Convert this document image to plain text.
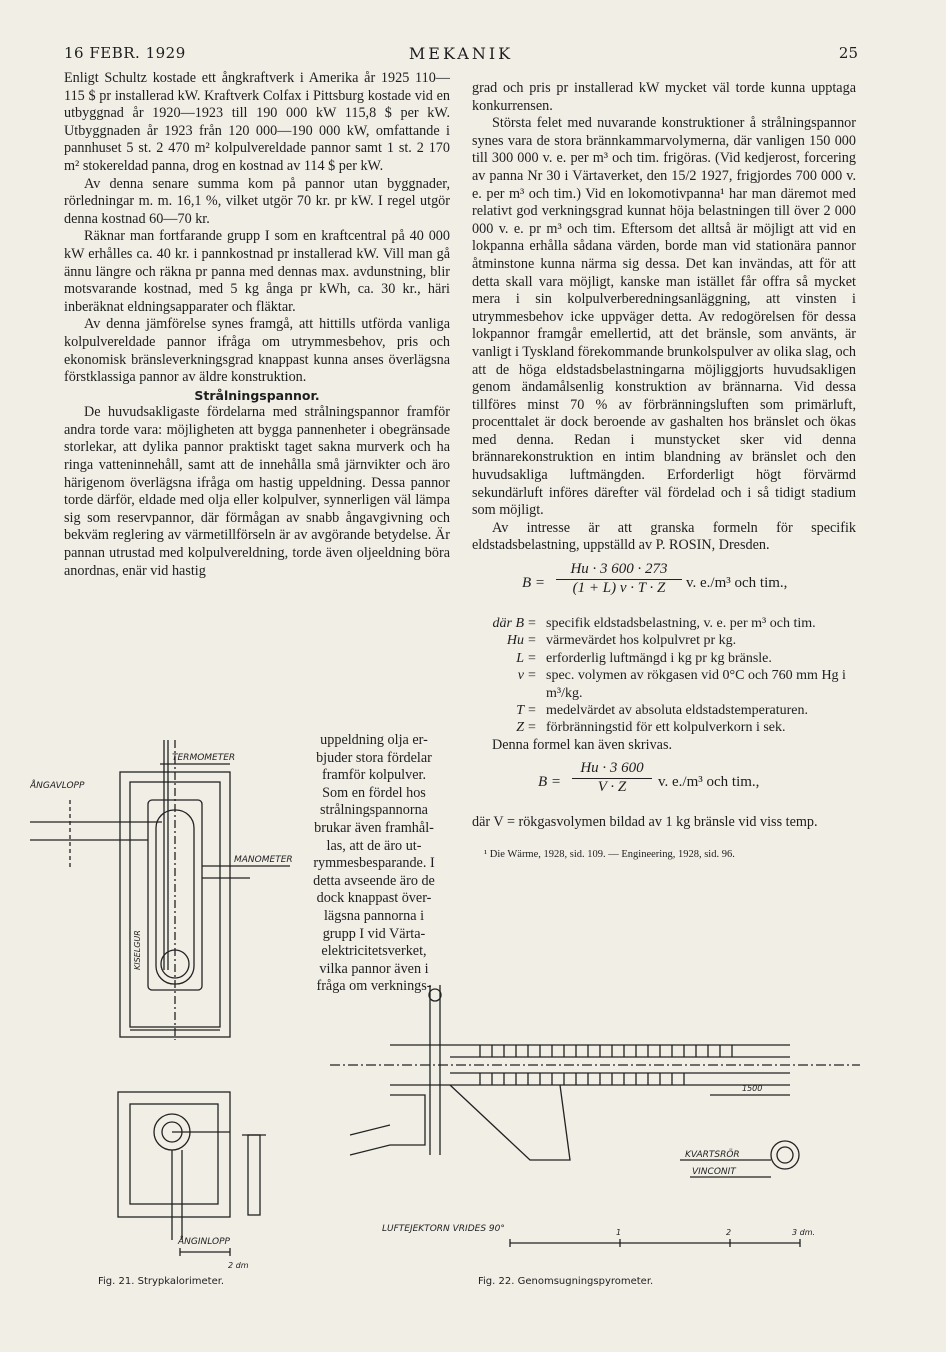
16 FEBR. 1929	MEKANIK	25

Enligt Schultz kostade ett ångkraftverk i Amerika år 1925 110—115 $ pr installerad kW. Kraftverk Colfax i Pittsburg kostade vid en utbyggnad år 1920—1923 till 190 000 kW 115,8 $ per kW. Utbyggnaden år 1923 från 120 000—190 000 kW, omfattande i pannhuset 5 st. 2 470 m² kolpulvereldade pannor samt 1 st. 2 170 m² stokereldad panna, drog en kostnad av 114 $ per kW.

Av denna senare summa kom på pannor utan byggnader, rörledningar m. m. 16,1 %, vilket utgör 70 kr. pr kW. I regel utgör denna kostnad 60—70 kr.

Räknar man fortfarande grupp I som en kraftcentral på 40 000 kW erhålles ca. 40 kr. i pannkostnad pr installerad kW. Vill man gå ännu längre och räkna pr panna med dennas max. avdunstning, blir motsvarande kostnad, med 5 kg ånga pr kWh, ca. 30 kr., häri inberäknat eldningsapparater och fläktar.

Av denna jämförelse synes framgå, att hittills utförda vanliga kolpulvereldade pannor ifråga om utrymmesbehov, pris och ekonomisk bränsleverkningsgrad knappast kunna anses överlägsna förstklassiga pannor av äldre konstruktion.

Strålningspannor.

De huvudsakligaste fördelarna med strålningspannor framför andra torde vara: möjligheten att bygga pannenheter i obegränsade storlekar, att dylika pannor praktiskt taget sakna murverk och ha ringa vatteninnehåll, samt att de innehålla små järnvikter och äro härigenom överlägsna ifråga om hastig uppeldning. Dessa pannor torde därför, eldade med olja eller kolpulver, synnerligen väl lämpa sig som reservpannor, där förmågan av snabb ångavgivning och bekväm reglering av värmetillförseln är av avgörande betydelse. Är pannan utrustad med kolpulvereldning, torde även oljeeldning böra anordnas, enär vid hastig

uppeldning olja er-
bjuder stora fördelar
framför kolpulver.
Som en fördel hos
strålningspannorna
brukar även framhål-
las, att de äro ut-
rymmesbesparande. I
detta avseende äro de
dock knappast över-
lägsna pannorna i
grupp I vid Värta-
elektricitetsverket,
vilka pannor även i
fråga om verknings-

grad och pris pr installerad kW mycket väl torde kunna upptaga konkurrensen.

Största felet med nuvarande konstruktioner å strålningspannor synes vara de stora brännkammarvolymerna, där vanligen 150 000 till 300 000 v. e. per m³ och tim. frigöras. (Vid kedjerost, forcering av panna Nr 30 i Värtaverket, den 15/2 1927, frigjordes 700 000 v. e. per m³ och tim.) Vid en lokomotivpanna¹ har man däremot med relativt god verkningsgrad kunnat höja belastningen till över 2 000 000 v. e. pr m³ och tim. Eftersom det alltså är möjligt att vid en lokpanna erhålla sådana värden, borde man vid stationära pannor åtminstone kunna närma sig dessa. Det kan invändas, att för att detta skall vara möjligt, kanske man istället får offra så mycket mera i sin kolpulverberedningsanläggning, att vinsten i utrymmesbehov icke uppväger detta. Av redogörelsen för dessa lokpannor framgår emellertid, att det bränsle, som använts, är vanligt i Tyskland förekommande brunkolspulver av olika slag, och att de höga eldstadsbelastningarna möjliggjorts huvudsakligen genom ändamålsenlig konstruktion av brännarna. Vid dessa tillföres minst 70 % av förbränningsluften som primärluft, procenttalet är dock beroende av gashalten hos bränslet och ökas med denna. Redan i munstycket sker vid denna brännarekonstruktion en intim blandning av bränslet och den huvudsakliga luftmängden. Erforderligt högt förvärmd sekundärluft införes därefter väl fördelad och i så tidigt stadium som möjligt.

Av intresse är att granska formeln för specifik eldstadsbelastning, uppställd av P. ROSIN, Dresden.

$B = \frac{Hu \cdot 3 600 \cdot 273}{(1 + L) v \cdot T \cdot Z} v$. e./m³ och tim.,
där B = specifik eldstadsbelastning, v. e. per m³ och tim.
Hu = värmevärdet hos kolpulvret pr kg.
L = erforderlig luftmängd i kg pr kg bränsle.
v = spec. volymen av rökgasen vid 0°C och 760 mm Hg i m³/kg.
T = medelvärdet av absoluta eldstadstemperaturen.
Z = förbränningstid för ett kolpulverkorn i sek.

Denna formel kan även skrivas.

$B = \frac{Hu \cdot 3 600}{V \cdot Z} v$. e./m³ och tim.,

där V = rökgasvolymen bildad av 1 kg bränsle vid viss temp.

¹ Die Wärme, 1928, sid. 109. — Engineering, 1928, sid. 96.
TERMOMETER
ÅNGAVLOPP
MANOMETER
KISELGUR
ÅNGINLOPP
2 dm
Fig. 21. Strypkalorimeter.
1500
KVARTSRÖR
VINCONIT
LUFTEJEKTORN VRIDES 90°	1	2	3 dm.
Fig. 22. Genomsugningspyrometer.
